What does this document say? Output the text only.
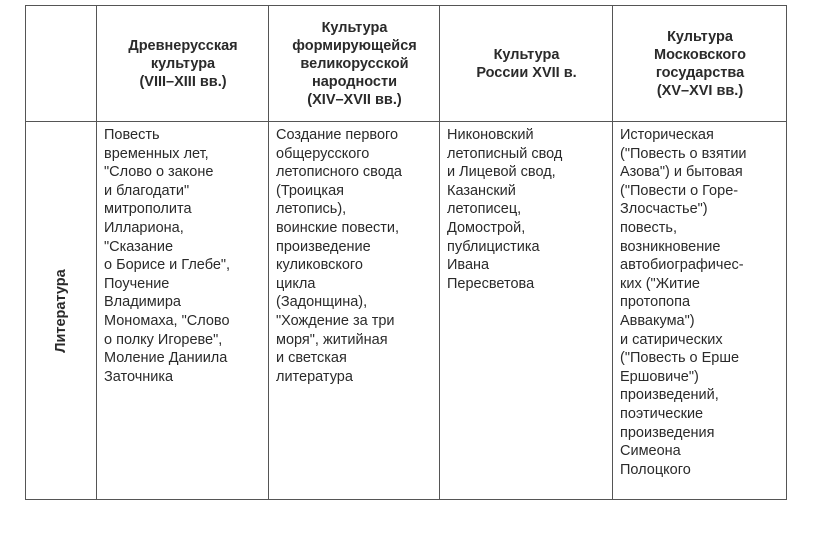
Древнерусская
культура
(VIII–XIII вв.)
Культура
формирующейся
великорусской
народности
(XIV–XVII вв.)
Культура
России XVII в.
Культура
Московского
государства
(XV–XVI вв.)
Литература
Повесть
временных лет,
"Слово о законе
и благодати"
митрополита
Иллариона,
"Сказание
о Борисе и Глебе",
Поучение
Владимира
Мономаха, "Слово
о полку Игореве",
Моление Даниила
Заточника
Создание первого
общерусского
летописного свода
(Троицкая
летопись),
воинские повести,
произведение
куликовского
цикла
(Задонщина),
"Хождение за три
моря", житийная
и светская
литература
Никоновский
летописный свод
и Лицевой свод,
Казанский
летописец,
Домострой,
публицистика
Ивана
Пересветова
Историческая
("Повесть о взятии
Азова") и бытовая
("Повести о Горе-
Злосчастье")
повесть,
возникновение
автобиографичес-
ких ("Житие
протопопа
Аввакума")
и сатирических
("Повесть о Ерше
Ершовиче")
произведений,
поэтические
произведения
Симеона
Полоцкого
